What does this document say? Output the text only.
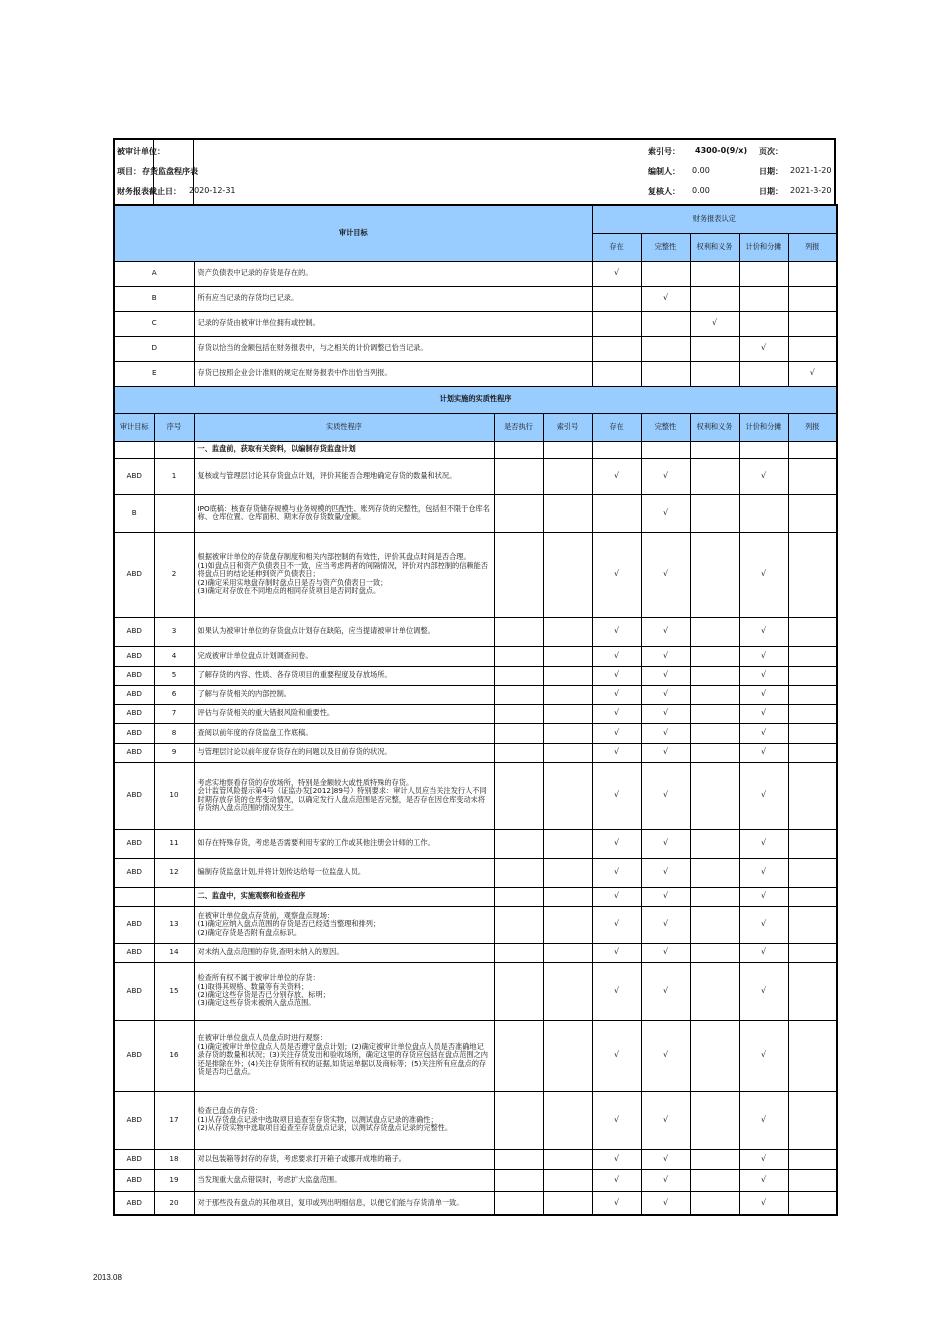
被审计单位：
项目： 存货监盘程序表
财务报表截止日： 2020-12-31
索引号： 4300-0(9/x) 页次：
编制人： 0.00	日期： 2021-1-20
复核人： 0.00	日期： 2021-3-20
审计目标					财务报表认定				
					存在	完整性	权利和义务	计价和分摊	列报
A		资产负债表中记录的存货是存在的。			√				
B		所有应当记录的存货均已记录。				√			
C		记录的存货由被审计单位拥有或控制。					√		
D		存货以恰当的金额包括在财务报表中，与之相关的计价调整已恰当记录。						√	
E		存货已按照企业会计准则的规定在财务报表中作出恰当列报。							√
计划实施的实质性程序									
审计目标	序号	实质性程序	是否执行	索引号	存在	完整性	权利和义务	计价和分摊	列报
		一、监盘前，获取有关资料，以编制存货监盘计划							
ABD	1	复核或与管理层讨论其存货盘点计划，评价其能否合理地确定存货的数量和状况。			√	√		√	
B		IPO底稿：核查存货储存规模与业务规模的匹配性、账列存货的完整性，包括但不限于仓库名称、仓库位置、仓库面积、期末存放存货数量/金额。				√			
ABD	2	根据被审计单位的存货盘存制度和相关内部控制的有效性，评价其盘点时间是否合理。
(1)如盘点日和资产负债表日不一致，应当考虑两者的间隔情况，评价对内部控制的信赖能否将盘点日的结论延伸到资产负债表日；
(2)确定采用实地盘存制时盘点日是否与资产负债表日一致；
(3)确定对存放在不同地点的相同存货项目是否同时盘点。			√	√		√	
ABD	3	如果认为被审计单位的存货盘点计划存在缺陷，应当提请被审计单位调整。			√	√		√	
ABD	4	完成被审计单位盘点计划调查问卷。			√	√		√	
ABD	5	了解存货的内容、性质、各存货项目的重要程度及存放场所。			√	√		√	
ABD	6	了解与存货相关的内部控制。			√	√		√	
ABD	7	评估与存货相关的重大错报风险和重要性。			√	√		√	
ABD	8	查阅以前年度的存货监盘工作底稿。			√	√		√	
ABD	9	与管理层讨论以前年度存货存在的问题以及目前存货的状况。			√	√		√	
ABD	10	考虑实地察看存货的存放场所，特别是金额较大或性质特殊的存货。
会计监管风险提示第4号（证监办发[2012]89号）特别要求：审计人员应当关注发行人不同时期存放存货的仓库变动情况，以确定发行人盘点范围是否完整，是否存在因仓库变动未将存货纳入盘点范围的情况发生。			√	√		√	
ABD	11	如存在特殊存货，考虑是否需要利用专家的工作或其他注册会计师的工作。			√	√		√	
ABD	12	编制存货监盘计划,并将计划传达给每一位监盘人员。			√	√		√	
		二、监盘中，实施观察和检查程序			√	√		√	
ABD	13	在被审计单位盘点存货前，观察盘点现场：
(1)确定应纳入盘点范围的存货是否已经适当整理和排列；
(2)确定存货是否附有盘点标识。			√	√		√	
ABD	14	对未纳入盘点范围的存货,查明未纳入的原因。			√	√		√	
ABD	15	检查所有权不属于被审计单位的存货：
(1)取得其规格、数量等有关资料；
(2)确定这些存货是否已分别存放、标明；
(3)确定这些存货未被纳入盘点范围。			√	√		√	
ABD	16	在被审计单位盘点人员盘点时进行观察：
(1)确定被审计单位盘点人员是否遵守盘点计划；(2)确定被审计单位盘点人员是否准确地记录存货的数量和状况；(3)关注存货发出和验收场所，确定这里的存货应包括在盘点范围之内还是排除在外；(4)关注存货所有权的证据,如货运单据以及商标等；(5)关注所有应盘点的存货是否均已盘点。			√	√		√	
ABD	17	检查已盘点的存货：
(1)从存货盘点记录中选取项目追查至存货实物，以测试盘点记录的准确性；
(2)从存货实物中选取项目追查至存货盘点记录，以测试存货盘点记录的完整性。			√	√		√	
ABD	18	对以包装箱等封存的存货，考虑要求打开箱子或挪开成堆的箱子。			√	√		√	
ABD	19	当发现重大盘点错误时，考虑扩大监盘范围。			√	√		√	
ABD	20	对于那些没有盘点的其他项目，复印或列出明细信息，以便它们能与存货清单一致。			√	√		√	
2013.08
